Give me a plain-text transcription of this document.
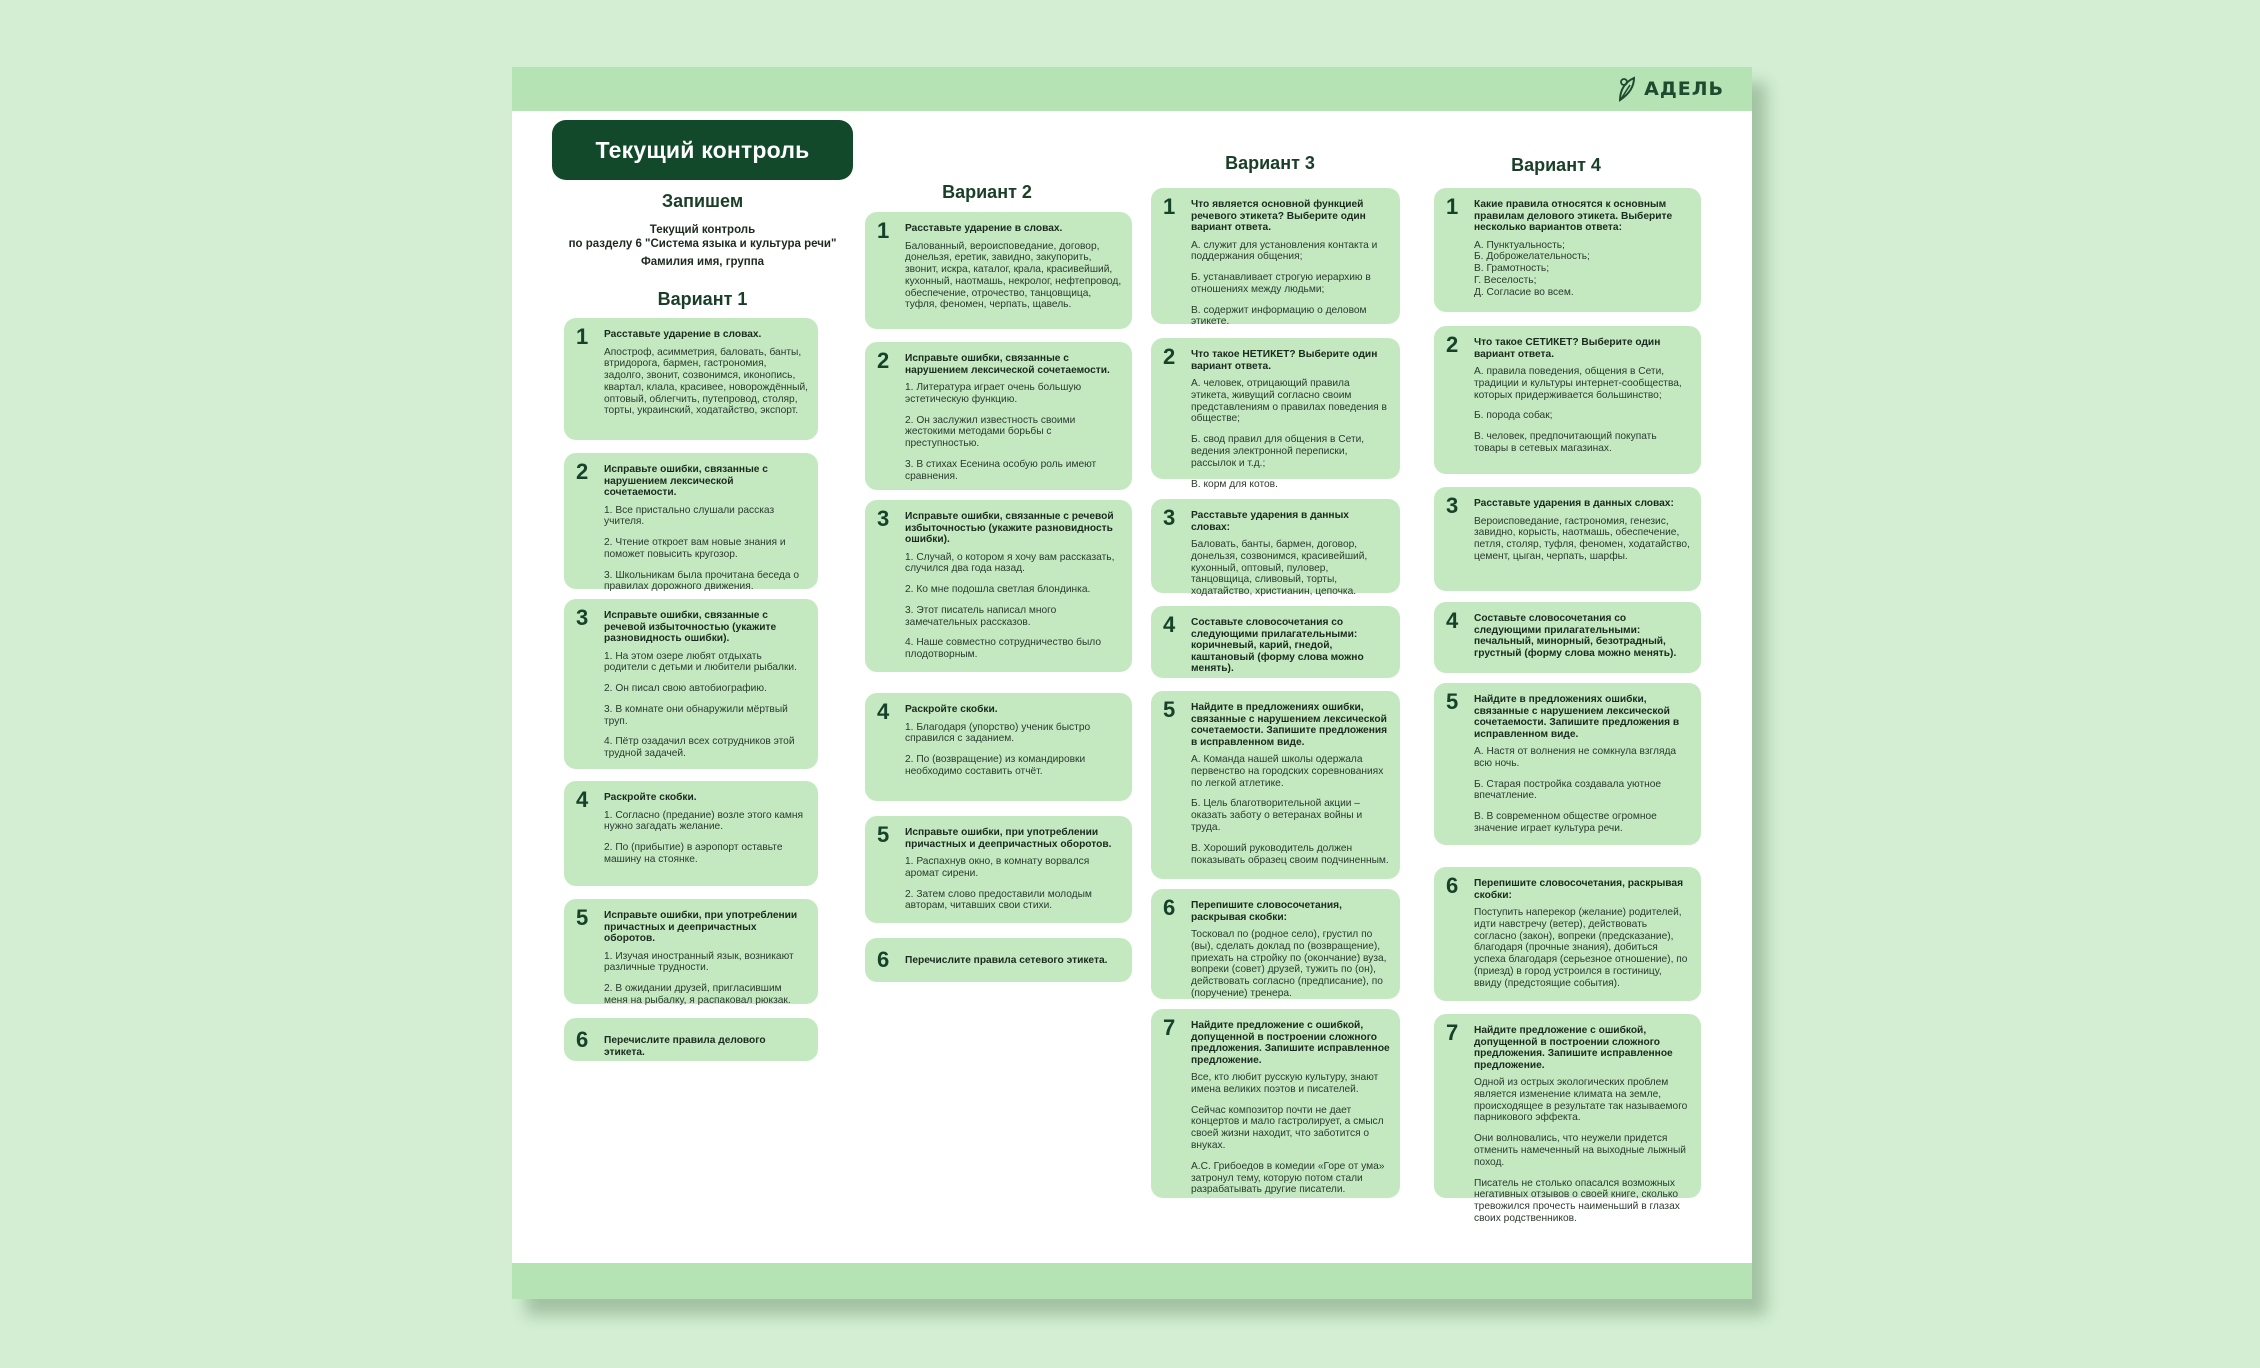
АДЕЛЬ
Текущий контроль
Запишем
Текущий контроль
по разделу 6 "Система языка и культура речи"
Фамилия имя, группа
Вариант 1
Вариант 2
Вариант 3	Вариант 4
1 Расставьте ударение в словах.

Апостроф, асимметрия, баловать, банты, втридорога, бармен, гастрономия, задолго, звонит, созвонимся, иконопись, квартал, клала, красивее, новорождённый, оптовый, облегчить, путепровод, столяр, торты, украинский, ходатайство, экспорт.

2 Исправьте ошибки, связанные с нарушением лексической сочетаемости.

1. Все пристально слушали рассказ учителя.

2. Чтение откроет вам новые знания и поможет повысить кругозор.

3. Школьникам была прочитана беседа о правилах дорожного движения.

3 Исправьте ошибки, связанные с речевой избыточностью (укажите разновидность ошибки).

1. На этом озере любят отдыхать родители с детьми и любители рыбалки.

2. Он писал свою автобиографию.

3. В комнате они обнаружили мёртвый труп.

4. Пётр озадачил всех сотрудников этой трудной задачей.

4 Раскройте скобки.

1. Согласно (предание) возле этого камня нужно загадать желание.

2. По (прибытие) в аэропорт оставьте машину на стоянке.

5 Исправьте ошибки, при употреблении причастных и деепричастных оборотов.

1. Изучая иностранный язык, возникают различные трудности.

2. В ожидании друзей, пригласившим меня на рыбалку, я распаковал рюкзак.

6 Перечислите правила делового этикета.
1 Расставьте ударение в словах.

Балованный, вероисповедание, договор, донельзя, еретик, завидно, закупорить, звонит, искра, каталог, крала, красивейший, кухонный, наотмашь, некролог, нефтепровод, обеспечение, отрочество, танцовщица, туфля, феномен, черпать, щавель.

2 Исправьте ошибки, связанные с нарушением лексической сочетаемости.

1. Литература играет очень большую эстетическую функцию.

2. Он заслужил известность своими жестокими методами борьбы с преступностью.

3. В стихах Есенина особую роль имеют сравнения.

3 Исправьте ошибки, связанные с речевой избыточностью (укажите разновидность ошибки).

1. Случай, о котором я хочу вам рассказать, случился два года назад.

2. Ко мне подошла светлая блондинка.

3. Этот писатель написал много замечательных рассказов.

4. Наше совместно сотрудничество было плодотворным.

4 Раскройте скобки.

1. Благодаря (упорство) ученик быстро справился с заданием.

2. По (возвращение) из командировки необходимо составить отчёт.

5 Исправьте ошибки, при употреблении причастных и деепричастных оборотов.

1. Распахнув окно, в комнату ворвался аромат сирени.

2. Затем слово предоставили молодым авторам, читавших свои стихи.

6 Перечислите правила сетевого этикета.
1 Что является основной функцией речевого этикета? Выберите один вариант ответа.

А. служит для установления контакта и поддержания общения;

Б. устанавливает строгую иерархию в отношениях между людьми;

В. содержит информацию о деловом этикете.

2 Что такое НЕТИКЕТ? Выберите один вариант ответа.

А. человек, отрицающий правила этикета, живущий согласно своим представлениям о правилах поведения в обществе;

Б. свод правил для общения в Сети, ведения электронной переписки, рассылок и т.д.;

В. корм для котов.

3 Расставьте ударения в данных словах:

Баловать, банты, бармен, договор, донельзя, созвонимся, красивейший, кухонный, оптовый, пуловер, танцовщица, сливовый, торты, ходатайство, христианин, цепочка.

4 Составьте словосочетания со следующими прилагательными: коричневый, карий, гнедой, каштановый (форму слова можно менять).
5 Найдите в предложениях ошибки, связанные с нарушением лексической сочетаемости. Запишите предложения в исправленном виде.

А. Команда нашей школы одержала первенство на городских соревнованиях по легкой атлетике.

Б. Цель благотворительной акции – оказать заботу о ветеранах войны и труда.

В. Хороший руководитель должен показывать образец своим подчиненным.

6 Перепишите словосочетания, раскрывая скобки:

Тосковал по (родное село), грустил по (вы), сделать доклад по (возвращение), приехать на стройку по (окончание) вуза, вопреки (совет) друзей, тужить по (он), действовать согласно (предписание), по (поручение) тренера.

7 Найдите предложение с ошибкой, допущенной в построении сложного предложения. Запишите исправленное предложение.

Все, кто любит русскую культуру, знают имена великих поэтов и писателей.

Сейчас композитор почти не дает концертов и мало гастролирует, а смысл своей жизни находит, что заботится о внуках.

А.С. Грибоедов в комедии «Горе от ума» затронул тему, которую потом стали разрабатывать другие писатели.

1 Какие правила относятся к основным правилам делового этикета. Выберите несколько вариантов ответа:

А. Пунктуальность;

Б. Доброжелательность;

В. Грамотность;

Г. Веселость;

Д. Согласие во всем.

2 Что такое СЕТИКЕТ? Выберите один вариант ответа.

А. правила поведения, общения в Сети, традиции и культуры интернет-сообщества, которых придерживается большинство;

Б. порода собак;

В. человек, предпочитающий покупать товары в сетевых магазинах.

3 Расставьте ударения в данных словах:

Вероисповедание, гастрономия, генезис, завидно, корысть, наотмашь, обеспечение, петля, столяр, туфля, феномен, ходатайство, цемент, цыган, черпать, шарфы.

4 Составьте словосочетания со следующими прилагательными: печальный, минорный, безотрадный, грустный (форму слова можно менять).
5 Найдите в предложениях ошибки, связанные с нарушением лексической сочетаемости. Запишите предложения в исправленном виде.

А. Настя от волнения не сомкнула взгляда всю ночь.

Б. Старая постройка создавала уютное впечатление.

В. В современном обществе огромное значение играет культура речи.

6 Перепишите словосочетания, раскрывая скобки:

Поступить наперекор (желание) родителей, идти навстречу (ветер), действовать согласно (закон), вопреки (предсказание), благодаря (прочные знания), добиться успеха благодаря (серьезное отношение), по (приезд) в город устроился в гостиницу, ввиду (предстоящие события).

7 Найдите предложение с ошибкой, допущенной в построении сложного предложения. Запишите исправленное предложение.

Одной из острых экологических проблем является изменение климата на земле, происходящее в результате так называемого парникового эффекта.

Они волновались, что неужели придется отменить намеченный на выходные лыжный поход.

Писатель не столько опасался возможных негативных отзывов о своей книге, сколько тревожился прочесть наименьший в глазах своих родственников.
